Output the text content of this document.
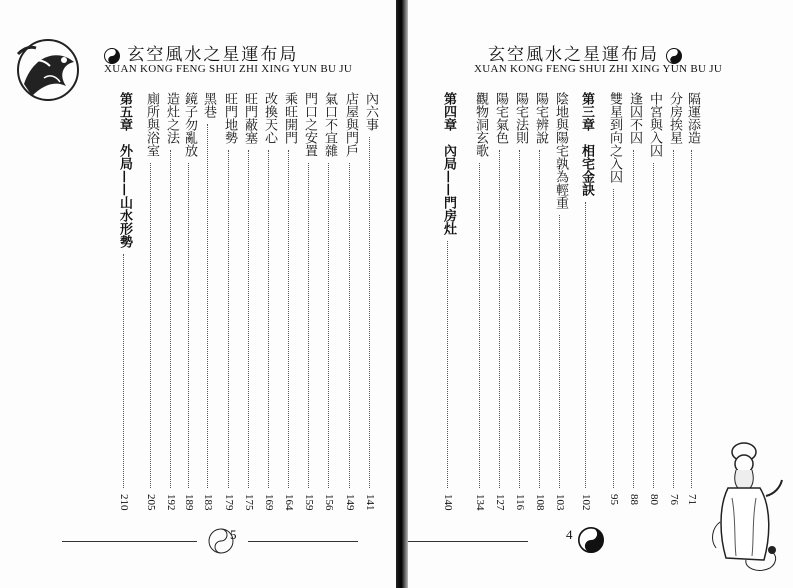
玄空風水之星運布局
XUAN KONG FENG SHUI ZHI XING YUN BU JU
內六事
141
店屋與門戶
149
氣口不宜雜
156
門口之安置
159
乘旺開門
164
改換天心
169
旺門蔽塞
175
旺門地勢
179
黑巷
183
鏡子勿亂放
189
造灶之法
192
廁所與浴室
205
第五章　外局——山水形勢
210
5

玄空風水之星運布局
XUAN KONG FENG SHUI ZHI XING YUN BU JU
隔運添造
71
分房挨星
76
中宮與入囚
80
逢囚不囚
88
雙星到向之入囚
95
第三章　相宅金訣
102
陰地與陽宅孰為輕重
103
陽宅辨說
108
陽宅法則
116
陽宅氣色
127
觀物洞玄歌
134
第四章　內局——門房灶
140
4
